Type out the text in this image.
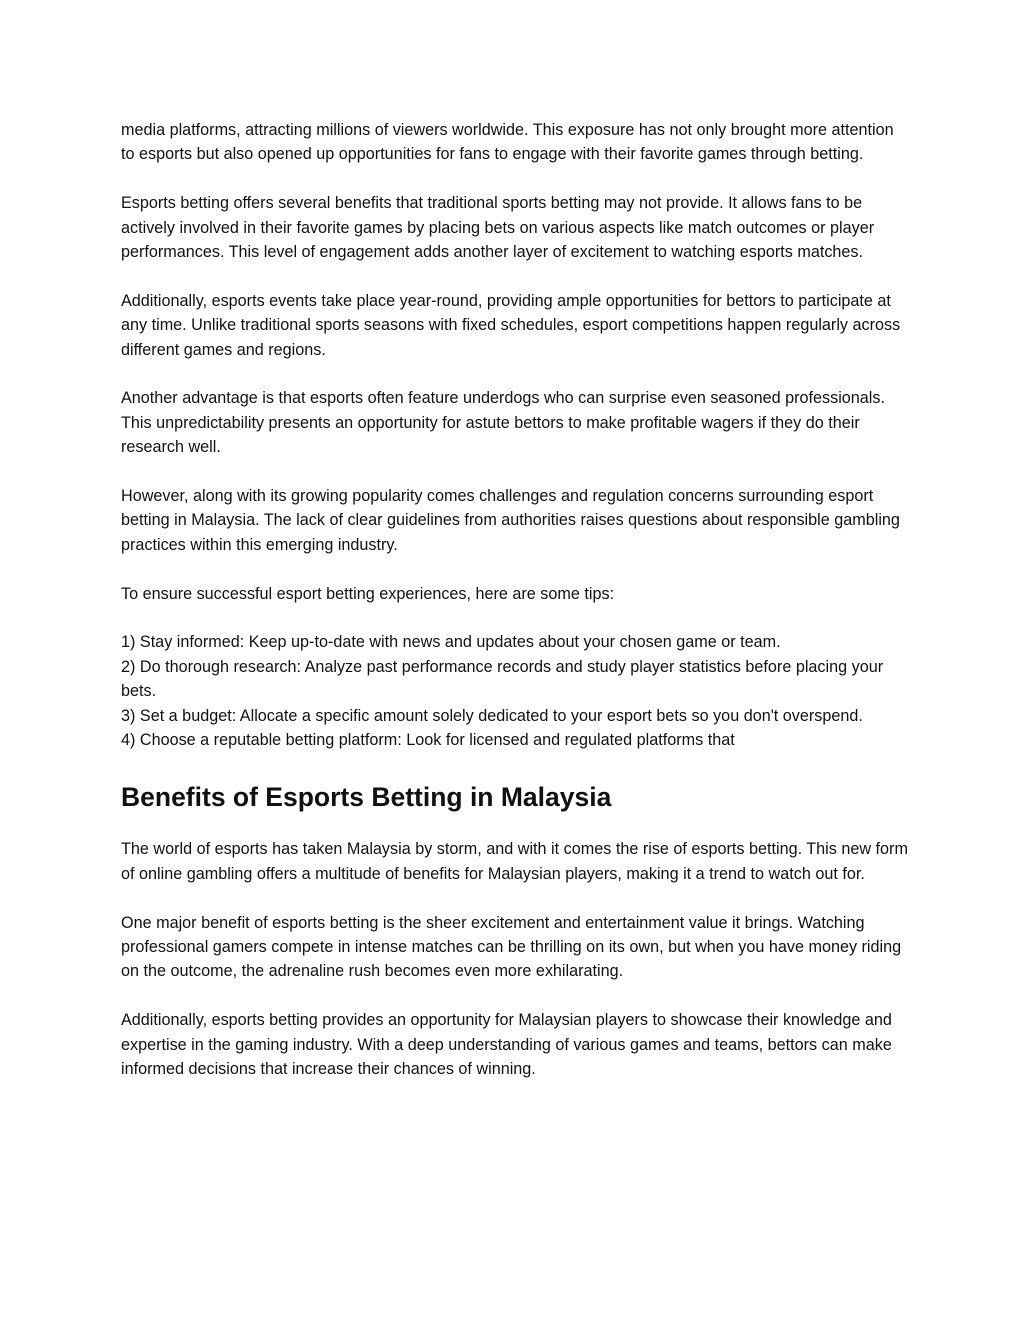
media platforms, attracting millions of viewers worldwide. This exposure has not only brought more attention to esports but also opened up opportunities for fans to engage with their favorite games through betting.

Esports betting offers several benefits that traditional sports betting may not provide. It allows fans to be actively involved in their favorite games by placing bets on various aspects like match outcomes or player performances. This level of engagement adds another layer of excitement to watching esports matches.

Additionally, esports events take place year-round, providing ample opportunities for bettors to participate at any time. Unlike traditional sports seasons with fixed schedules, esport competitions happen regularly across different games and regions.

Another advantage is that esports often feature underdogs who can surprise even seasoned professionals. This unpredictability presents an opportunity for astute bettors to make profitable wagers if they do their research well.

However, along with its growing popularity comes challenges and regulation concerns surrounding esport betting in Malaysia. The lack of clear guidelines from authorities raises questions about responsible gambling practices within this emerging industry.

To ensure successful esport betting experiences, here are some tips:

1) Stay informed: Keep up-to-date with news and updates about your chosen game or team.

2) Do thorough research: Analyze past performance records and study player statistics before placing your bets.

3) Set a budget: Allocate a specific amount solely dedicated to your esport bets so you don't overspend.

4) Choose a reputable betting platform: Look for licensed and regulated platforms that

Benefits of Esports Betting in Malaysia

The world of esports has taken Malaysia by storm, and with it comes the rise of esports betting. This new form of online gambling offers a multitude of benefits for Malaysian players, making it a trend to watch out for.

One major benefit of esports betting is the sheer excitement and entertainment value it brings. Watching professional gamers compete in intense matches can be thrilling on its own, but when you have money riding on the outcome, the adrenaline rush becomes even more exhilarating.

Additionally, esports betting provides an opportunity for Malaysian players to showcase their knowledge and expertise in the gaming industry. With a deep understanding of various games and teams, bettors can make informed decisions that increase their chances of winning.
